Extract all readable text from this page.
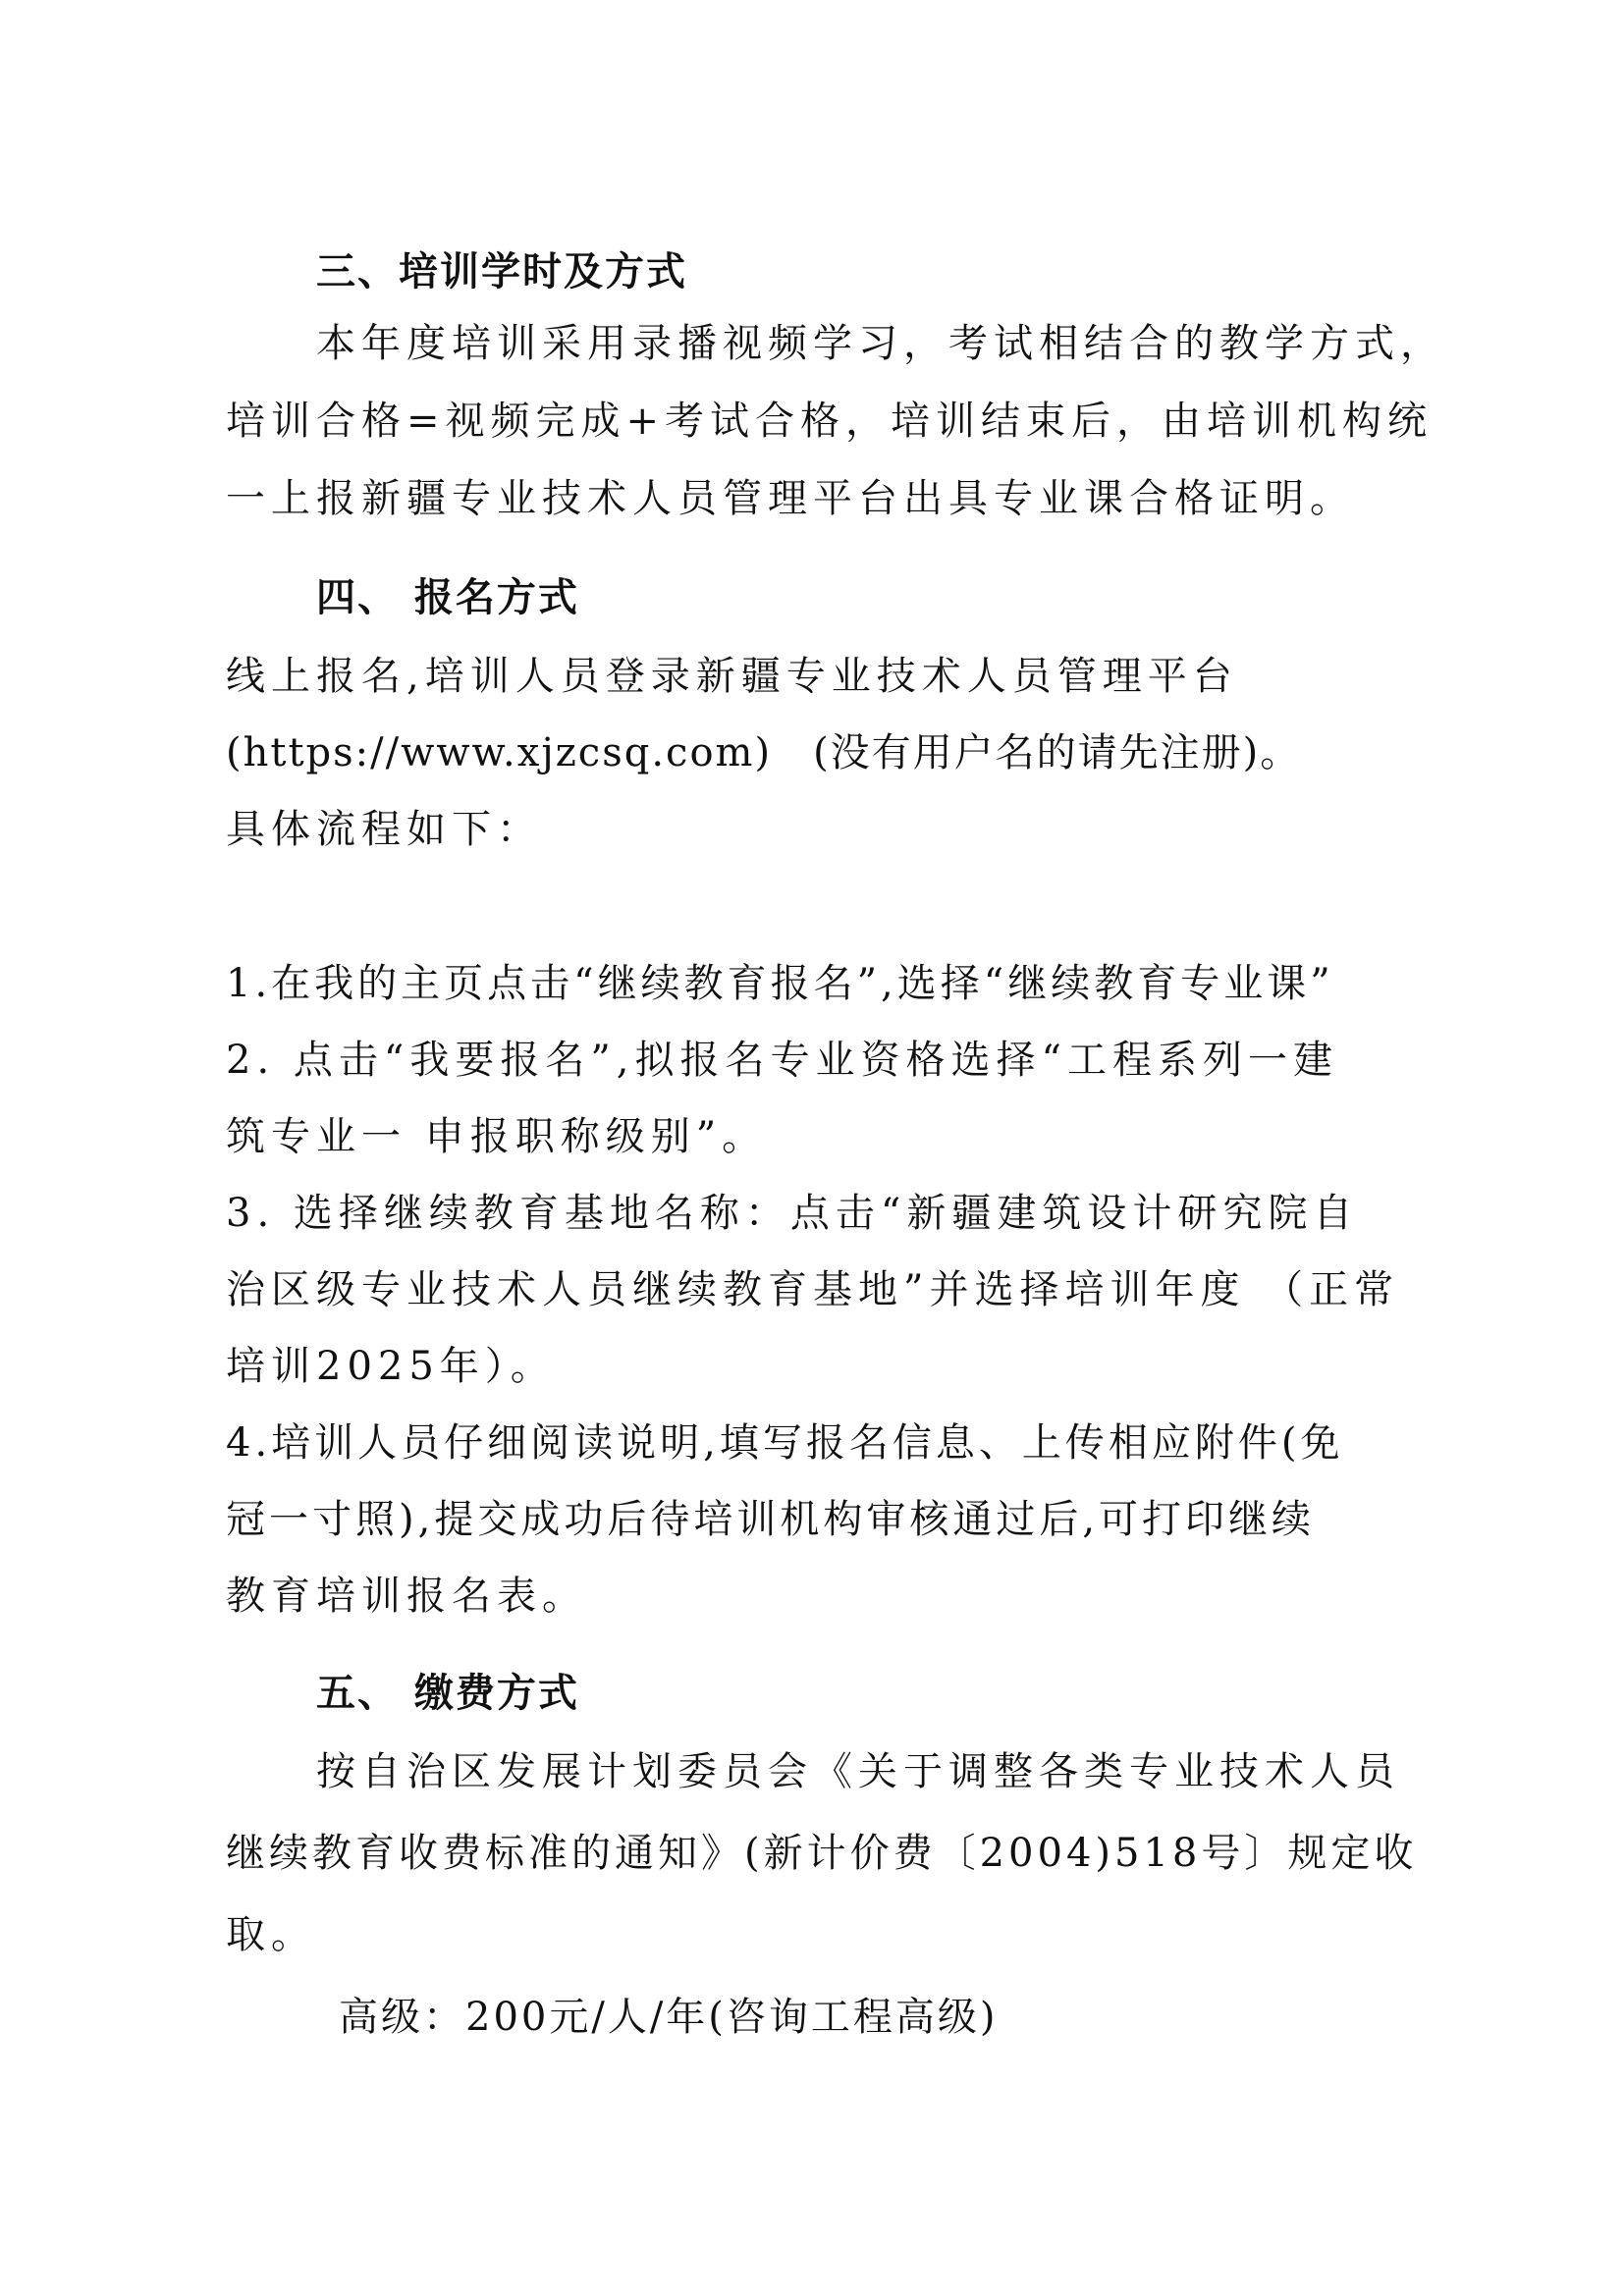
三、培训学时及方式
本年度培训采用录播视频学习，考试相结合的教学方式，
培训合格=视频完成+考试合格，培训结束后，由培训机构统
一上报新疆专业技术人员管理平台出具专业课合格证明。
四、 报名方式
线上报名,培训人员登录新疆专业技术人员管理平台
(https://www.xjzcsq.com)　(没有用户名的请先注册)。
具体流程如下：
1.在我的主页点击“继续教育报名”,选择“继续教育专业课”
2. 点击“我要报名”,拟报名专业资格选择“工程系列一建
筑专业一 申报职称级别”。
3. 选择继续教育基地名称：点击“新疆建筑设计研究院自
治区级专业技术人员继续教育基地”并选择培训年度 （正常
培训2025年）。
4.培训人员仔细阅读说明,填写报名信息、上传相应附件(免
冠一寸照),提交成功后待培训机构审核通过后,可打印继续
教育培训报名表。
五、 缴费方式
按自治区发展计划委员会《关于调整各类专业技术人员
继续教育收费标准的通知》(新计价费〔2004)518号〕规定收
取。
高级：200元/人/年(咨询工程高级)
